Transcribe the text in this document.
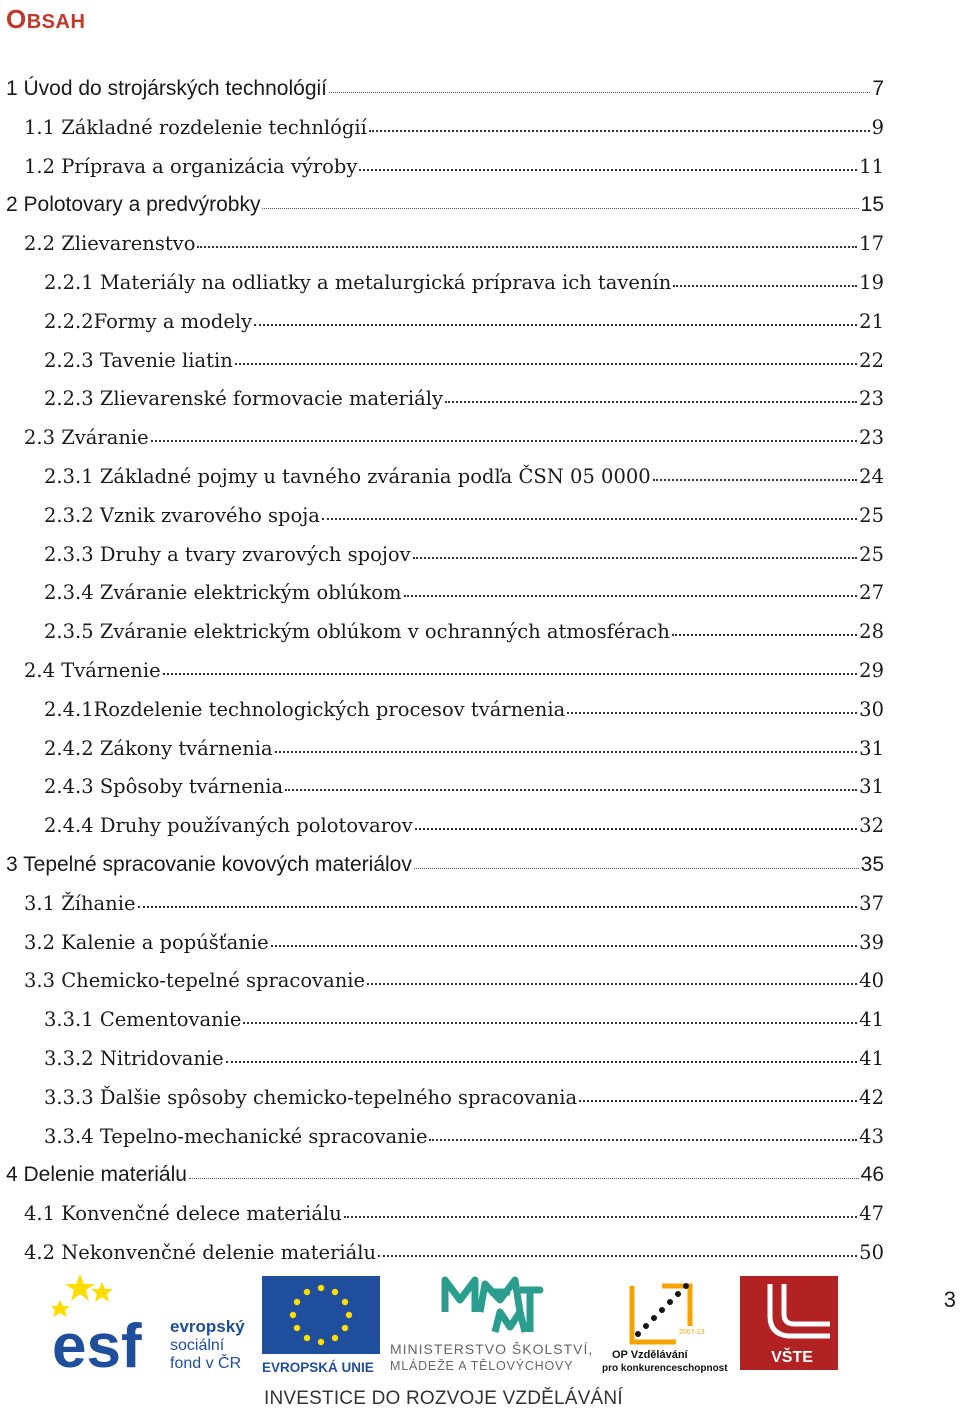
OBSAH
1 Úvod do strojárských technológií	7
1.1 Základné rozdelenie technlógií	9
1.2 Príprava a organizácia výroby	11
2 Polotovary a predvýrobky	15
2.2 Zlievarenstvo	17
2.2.1 Materiály na odliatky a metalurgická príprava ich tavenín	19
2.2.2Formy a modely	21
2.2.3 Tavenie liatin	22
2.2.3 Zlievarenské formovacie materiály	23
2.3 Zváranie	23
2.3.1 Základné pojmy u tavného zvárania podľa ČSN 05 0000	24
2.3.2 Vznik zvarového spoja	25
2.3.3 Druhy a tvary zvarových spojov	25
2.3.4 Zváranie elektrickým oblúkom	27
2.3.5 Zváranie elektrickým oblúkom v ochranných atmosférach	28
2.4 Tvárnenie	29
2.4.1Rozdelenie technologických procesov tvárnenia	30
2.4.2 Zákony tvárnenia	31
2.4.3 Spôsoby tvárnenia	31
2.4.4 Druhy používaných polotovarov	32
3 Tepelné spracovanie kovových materiálov	35
3.1 Žíhanie	37
3.2 Kalenie a popúšťanie	39
3.3 Chemicko-tepelné spracovanie	40
3.3.1 Cementovanie	41
3.3.2 Nitridovanie	41
3.3.3 Ďalšie spôsoby chemicko-tepelného spracovania	42
3.3.4 Tepelno-mechanické spracovanie	43
4 Delenie materiálu	46
4.1 Konvenčné delece materiálu	47
4.2 Nekonvenčné delenie materiálu	50
3
esf evropský
sociální
fond v ČR EVROPSKÁ UNIE
MINISTERSTVO ŠKOLSTVÍ,
MLÁDEŽE A TĚLOVÝCHOVY
2007-13
OP Vzdělávání
pro konkurenceschopnost
VŠTE
INVESTICE DO ROZVOJE VZDĚLÁVÁNÍ
